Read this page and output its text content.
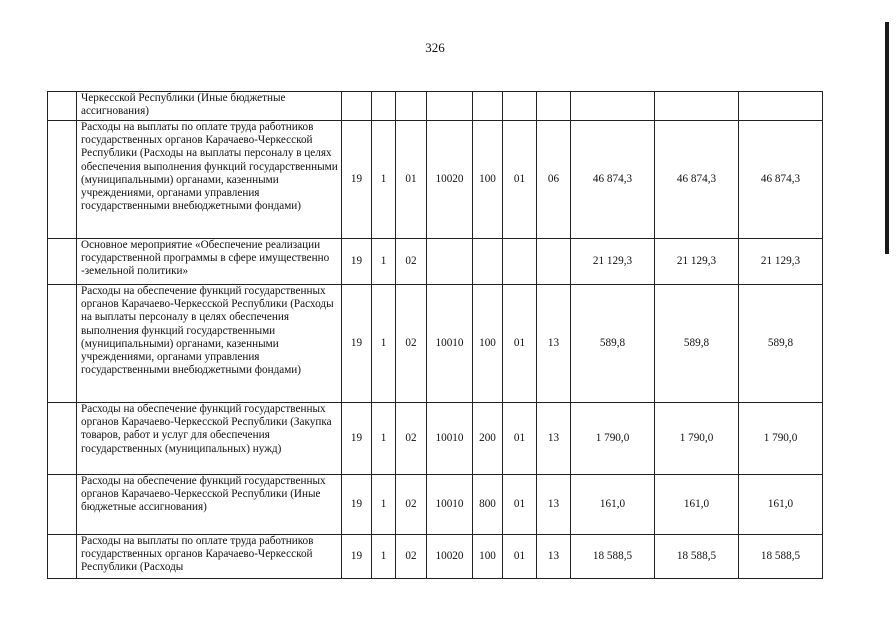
326
	Черкесской Республики (Иные бюджетные ассигнования)										
	Расходы на выплаты по оплате труда работников государственных органов Карачаево-Черкесской Республики (Расходы на выплаты персоналу в целях обеспечения выполнения функций государственными (муниципальными) органами, казенными учреждениями, органами управления государственными внебюджетными фондами)	19	1	01	10020	100	01	06	46 874,3	46 874,3	46 874,3
	Основное мероприятие «Обеспечение реализации государственной программы в сфере имущественно -земельной политики»	19	1	02					21 129,3	21 129,3	21 129,3
	Расходы на обеспечение функций государственных органов Карачаево-Черкесской Республики (Расходы на выплаты персоналу в целях обеспечения выполнения функций государственными (муниципальными) органами, казенными учреждениями, органами управления государственными внебюджетными фондами)	19	1	02	10010	100	01	13	589,8	589,8	589,8
	Расходы на обеспечение функций государственных органов Карачаево-Черкесской Республики (Закупка товаров, работ и услуг для обеспечения государственных (муниципальных) нужд)	19	1	02	10010	200	01	13	1 790,0	1 790,0	1 790,0
	Расходы на обеспечение функций государственных органов Карачаево-Черкесской Республики (Иные бюджетные ассигнования)	19	1	02	10010	800	01	13	161,0	161,0	161,0
	Расходы на выплаты по оплате труда работников государственных органов Карачаево-Черкесской Республики (Расходы	19	1	02	10020	100	01	13	18 588,5	18 588,5	18 588,5
